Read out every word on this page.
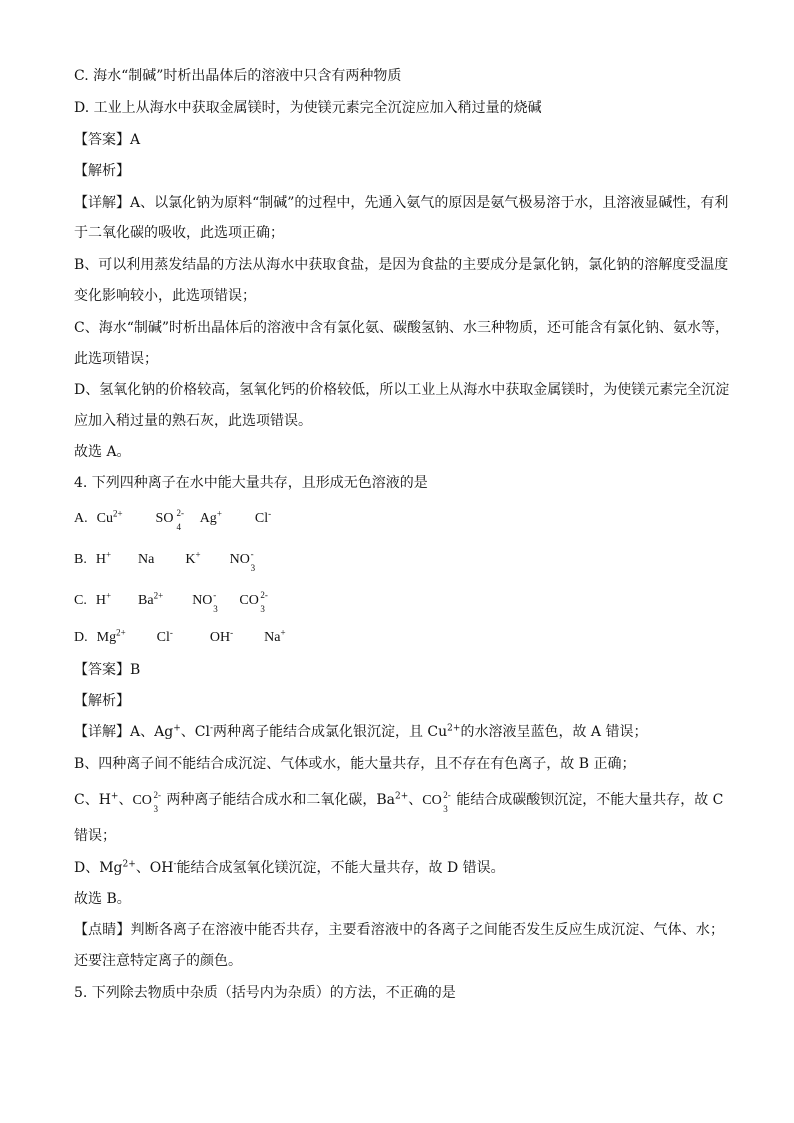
C. 海水“制碱”时析出晶体后的溶液中只含有两种物质
D. 工业上从海水中获取金属镁时，为使镁元素完全沉淀应加入稍过量的烧碱
【答案】A
【解析】
【详解】A、以氯化钠为原料“制碱”的过程中，先通入氨气的原因是氨气极易溶于水，且溶液显碱性，有利
于二氧化碳的吸收，此选项正确；
B、可以利用蒸发结晶的方法从海水中获取食盐，是因为食盐的主要成分是氯化钠，氯化钠的溶解度受温度
变化影响较小，此选项错误；
C、海水“制碱”时析出晶体后的溶液中含有氯化氨、碳酸氢钠、水三种物质，还可能含有氯化钠、氨水等，
此选项错误；
D、氢氧化钠的价格较高，氢氧化钙的价格较低，所以工业上从海水中获取金属镁时，为使镁元素完全沉淀
应加入稍过量的熟石灰，此选项错误。
故选 A。
4. 下列四种离子在水中能大量共存，且形成无色溶液的是
A. $Cu^{2+}$ SO 2-
4
Ag+ Cl-
B. H+ Na K+ NO -
3
C. H+ $Ba^{2+}$ NO -
3
CO 2-
3
D. $Mg^{2+}$ Cl-	OH- Na+
【答案】B
【解析】
【详解】A、Ag+、Cl-两种离子能结合成氯化银沉淀，且 $Cu^{2+}$的水溶液呈蓝色，故 A 错误；
B、四种离子间不能结合成沉淀、气体或水，能大量共存，且不存在有色离子，故 B 正确；
C、H+、CO 2-
3
两种离子能结合成水和二氧化碳，$Ba^{2+}$、CO 2-
3
能结合成碳酸钡沉淀，不能大量共存，故 C
错误；
D、$Mg^{2+}$、OH-能结合成氢氧化镁沉淀，不能大量共存，故 D 错误。
故选 B。
【点睛】判断各离子在溶液中能否共存，主要看溶液中的各离子之间能否发生反应生成沉淀、气体、水；
还要注意特定离子的颜色。
5. 下列除去物质中杂质（括号内为杂质）的方法，不正确的是
